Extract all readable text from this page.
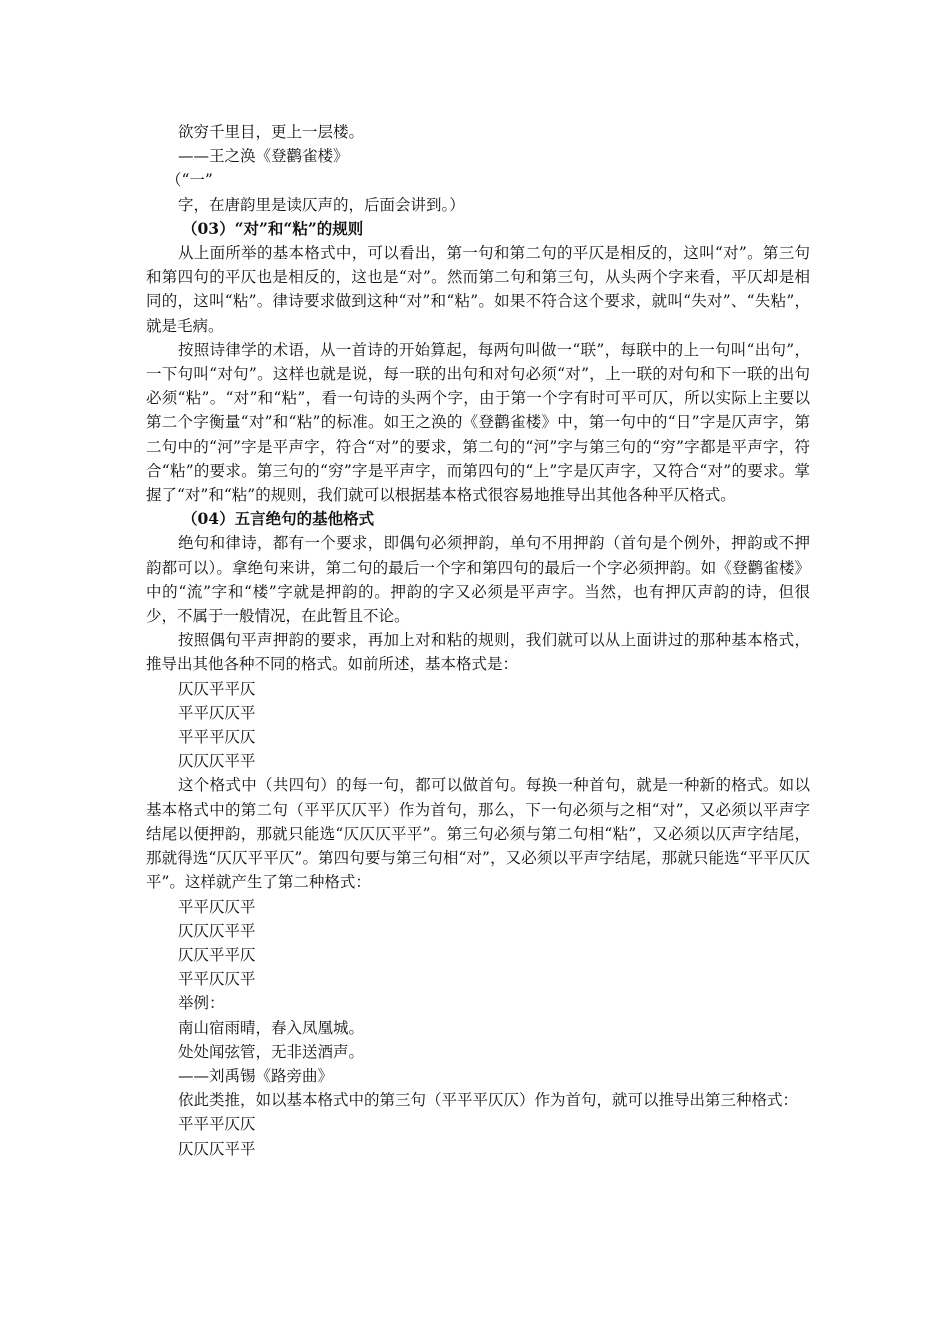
欲穷千里目，更上一层楼。
——王之涣《登鹳雀楼》
（“一”
字，在唐韵里是读仄声的，后面会讲到。）
（03）“对”和“粘”的规则
从上面所举的基本格式中，可以看出，第一句和第二句的平仄是相反的，这叫“对”。第三句和第四句的平仄也是相反的，这也是“对”。然而第二句和第三句，从头两个字来看，平仄却是相同的，这叫“粘”。律诗要求做到这种“对”和“粘”。如果不符合这个要求，就叫“失对”、“失粘”，就是毛病。
按照诗律学的术语，从一首诗的开始算起，每两句叫做一“联”，每联中的上一句叫“出句”，一下句叫“对句”。这样也就是说，每一联的出句和对句必须“对”，上一联的对句和下一联的出句必须“粘”。“对”和“粘”，看一句诗的头两个字，由于第一个字有时可平可仄，所以实际上主要以第二个字衡量“对”和“粘”的标准。如王之涣的《登鹳雀楼》中，第一句中的“日”字是仄声字，第二句中的“河”字是平声字，符合“对”的要求，第二句的“河”字与第三句的“穷”字都是平声字，符合“粘”的要求。第三句的“穷”字是平声字，而第四句的“上”字是仄声字，又符合“对”的要求。掌握了“对”和“粘”的规则，我们就可以根据基本格式很容易地推导出其他各种平仄格式。
（04）五言绝句的基他格式
绝句和律诗，都有一个要求，即偶句必须押韵，单句不用押韵（首句是个例外，押韵或不押韵都可以）。拿绝句来讲，第二句的最后一个字和第四句的最后一个字必须押韵。如《登鹳雀楼》中的“流”字和“楼”字就是押韵的。押韵的字又必须是平声字。当然，也有押仄声韵的诗，但很少，不属于一般情况，在此暂且不论。
按照偶句平声押韵的要求，再加上对和粘的规则，我们就可以从上面讲过的那种基本格式，推导出其他各种不同的格式。如前所述，基本格式是：
仄仄平平仄
平平仄仄平
平平平仄仄
仄仄仄平平
这个格式中（共四句）的每一句，都可以做首句。每换一种首句，就是一种新的格式。如以基本格式中的第二句（平平仄仄平）作为首句，那么，下一句必须与之相“对”，又必须以平声字结尾以便押韵，那就只能选“仄仄仄平平”。第三句必须与第二句相“粘”，又必须以仄声字结尾，那就得选“仄仄平平仄”。第四句要与第三句相“对”，又必须以平声字结尾，那就只能选“平平仄仄平”。这样就产生了第二种格式：
平平仄仄平
仄仄仄平平
仄仄平平仄
平平仄仄平
举例：
南山宿雨晴，春入凤凰城。
处处闻弦管，无非送酒声。
——刘禹锡《路旁曲》
依此类推，如以基本格式中的第三句（平平平仄仄）作为首句，就可以推导出第三种格式：
平平平仄仄
仄仄仄平平
